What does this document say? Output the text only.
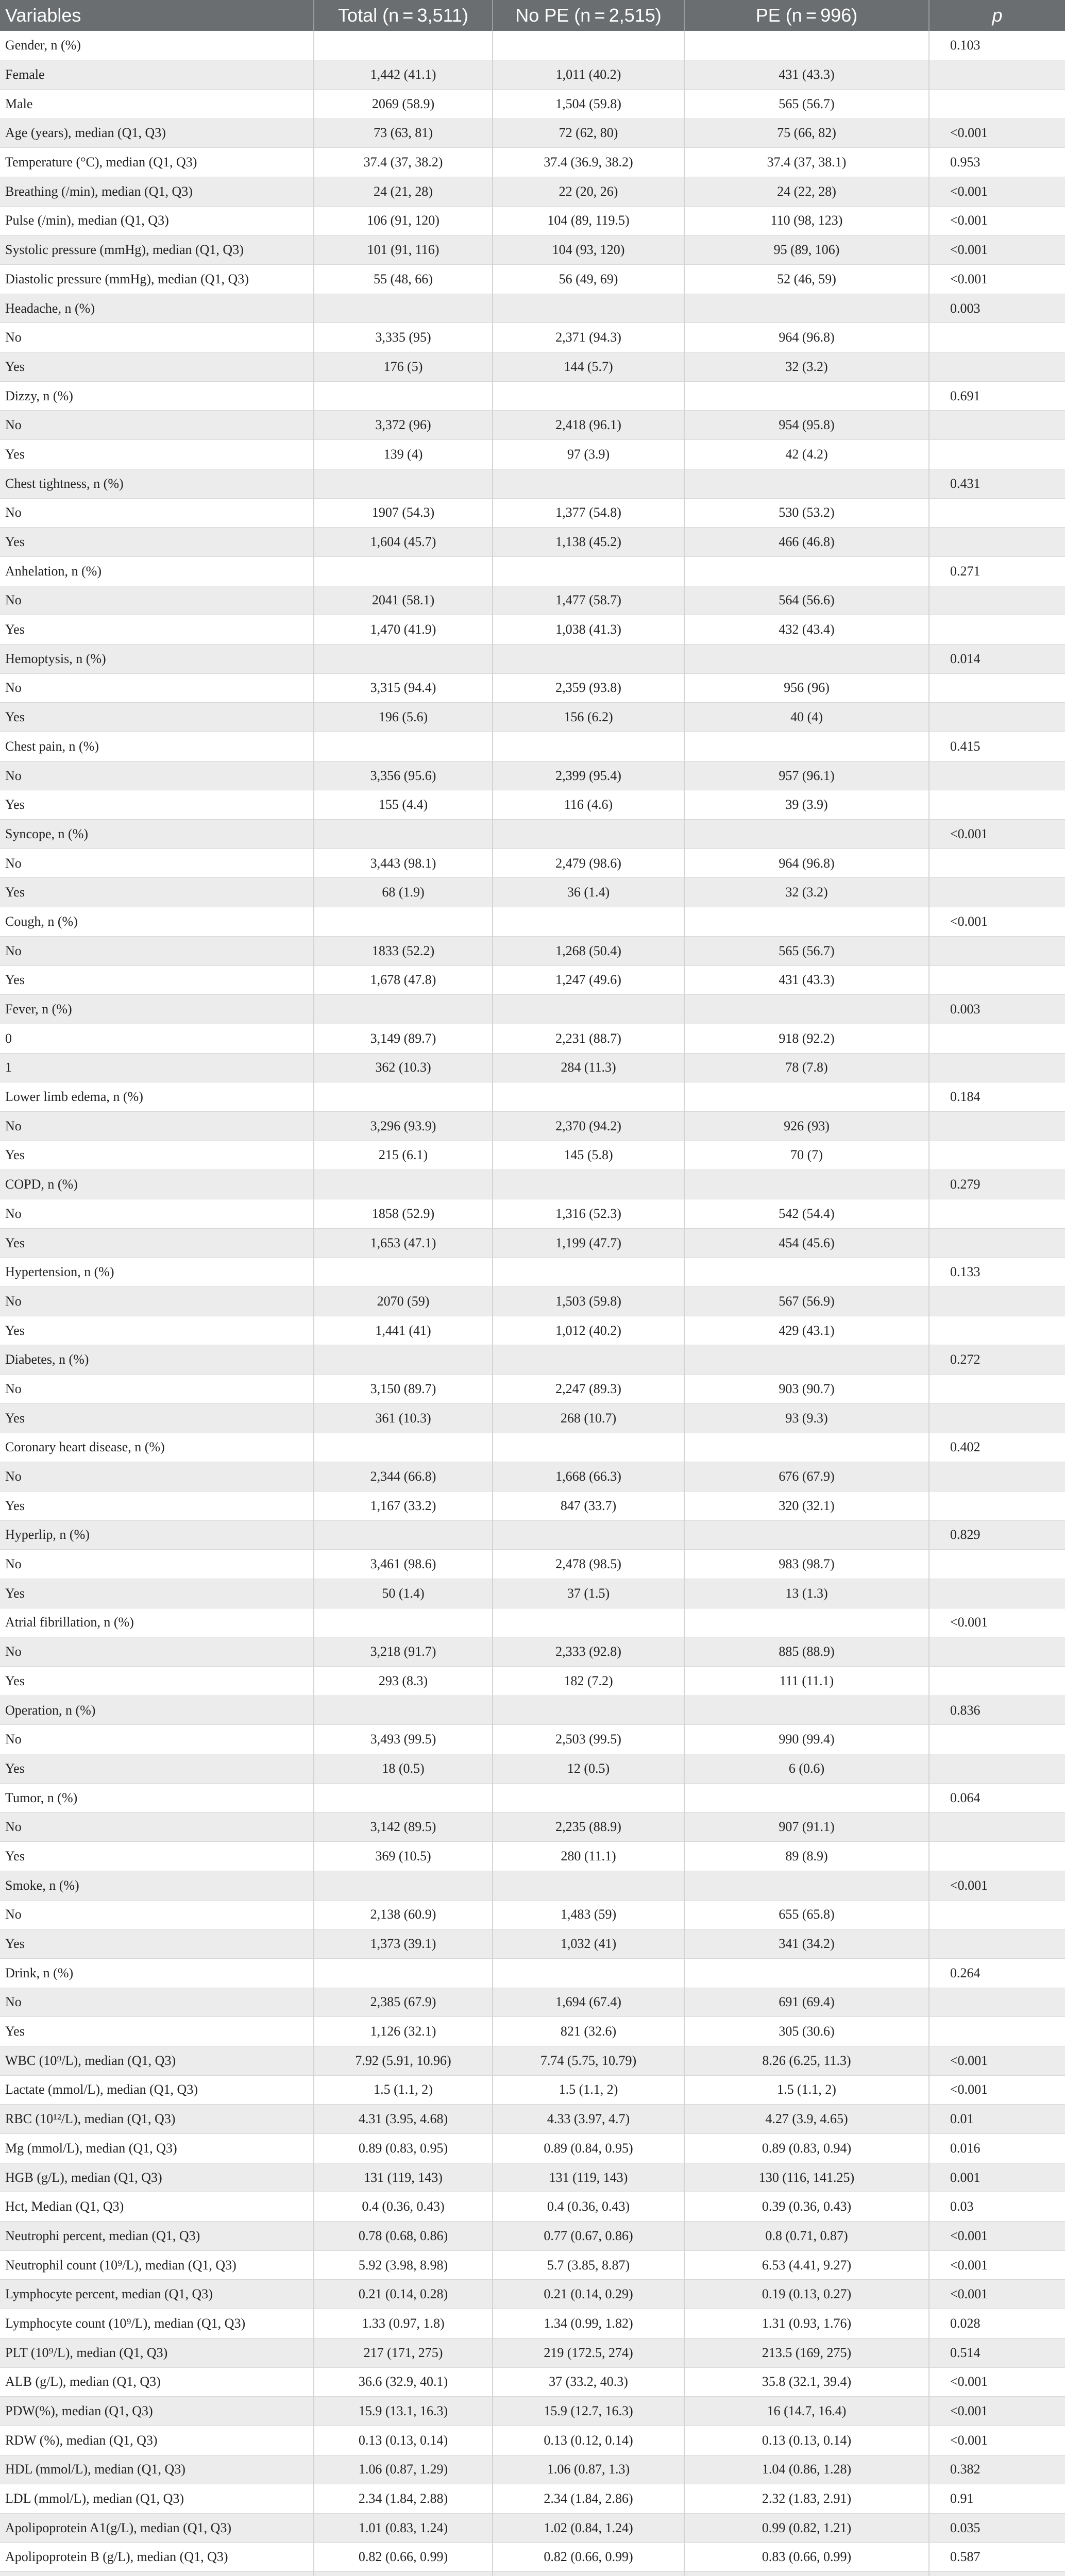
Variables	Total (n = 3,511)	No PE (n = 2,515)	PE (n = 996)	p
Gender, n (%)				0.103
Female	1,442 (41.1)	1,011 (40.2)	431 (43.3)	
Male	2069 (58.9)	1,504 (59.8)	565 (56.7)	
Age (years), median (Q1, Q3)	73 (63, 81)	72 (62, 80)	75 (66, 82)	<0.001
Temperature (°C), median (Q1, Q3)	37.4 (37, 38.2)	37.4 (36.9, 38.2)	37.4 (37, 38.1)	0.953
Breathing (/min), median (Q1, Q3)	24 (21, 28)	22 (20, 26)	24 (22, 28)	<0.001
Pulse (/min), median (Q1, Q3)	106 (91, 120)	104 (89, 119.5)	110 (98, 123)	<0.001
Systolic pressure (mmHg), median (Q1, Q3)	101 (91, 116)	104 (93, 120)	95 (89, 106)	<0.001
Diastolic pressure (mmHg), median (Q1, Q3)	55 (48, 66)	56 (49, 69)	52 (46, 59)	<0.001
Headache, n (%)				0.003
No	3,335 (95)	2,371 (94.3)	964 (96.8)	
Yes	176 (5)	144 (5.7)	32 (3.2)	
Dizzy, n (%)				0.691
No	3,372 (96)	2,418 (96.1)	954 (95.8)	
Yes	139 (4)	97 (3.9)	42 (4.2)	
Chest tightness, n (%)				0.431
No	1907 (54.3)	1,377 (54.8)	530 (53.2)	
Yes	1,604 (45.7)	1,138 (45.2)	466 (46.8)	
Anhelation, n (%)				0.271
No	2041 (58.1)	1,477 (58.7)	564 (56.6)	
Yes	1,470 (41.9)	1,038 (41.3)	432 (43.4)	
Hemoptysis, n (%)				0.014
No	3,315 (94.4)	2,359 (93.8)	956 (96)	
Yes	196 (5.6)	156 (6.2)	40 (4)	
Chest pain, n (%)				0.415
No	3,356 (95.6)	2,399 (95.4)	957 (96.1)	
Yes	155 (4.4)	116 (4.6)	39 (3.9)	
Syncope, n (%)				<0.001
No	3,443 (98.1)	2,479 (98.6)	964 (96.8)	
Yes	68 (1.9)	36 (1.4)	32 (3.2)	
Cough, n (%)				<0.001
No	1833 (52.2)	1,268 (50.4)	565 (56.7)	
Yes	1,678 (47.8)	1,247 (49.6)	431 (43.3)	
Fever, n (%)				0.003
0	3,149 (89.7)	2,231 (88.7)	918 (92.2)	
1	362 (10.3)	284 (11.3)	78 (7.8)	
Lower limb edema, n (%)				0.184
No	3,296 (93.9)	2,370 (94.2)	926 (93)	
Yes	215 (6.1)	145 (5.8)	70 (7)	
COPD, n (%)				0.279
No	1858 (52.9)	1,316 (52.3)	542 (54.4)	
Yes	1,653 (47.1)	1,199 (47.7)	454 (45.6)	
Hypertension, n (%)				0.133
No	2070 (59)	1,503 (59.8)	567 (56.9)	
Yes	1,441 (41)	1,012 (40.2)	429 (43.1)	
Diabetes, n (%)				0.272
No	3,150 (89.7)	2,247 (89.3)	903 (90.7)	
Yes	361 (10.3)	268 (10.7)	93 (9.3)	
Coronary heart disease, n (%)				0.402
No	2,344 (66.8)	1,668 (66.3)	676 (67.9)	
Yes	1,167 (33.2)	847 (33.7)	320 (32.1)	
Hyperlip, n (%)				0.829
No	3,461 (98.6)	2,478 (98.5)	983 (98.7)	
Yes	50 (1.4)	37 (1.5)	13 (1.3)	
Atrial fibrillation, n (%)				<0.001
No	3,218 (91.7)	2,333 (92.8)	885 (88.9)	
Yes	293 (8.3)	182 (7.2)	111 (11.1)	
Operation, n (%)				0.836
No	3,493 (99.5)	2,503 (99.5)	990 (99.4)	
Yes	18 (0.5)	12 (0.5)	6 (0.6)	
Tumor, n (%)				0.064
No	3,142 (89.5)	2,235 (88.9)	907 (91.1)	
Yes	369 (10.5)	280 (11.1)	89 (8.9)	
Smoke, n (%)				<0.001
No	2,138 (60.9)	1,483 (59)	655 (65.8)	
Yes	1,373 (39.1)	1,032 (41)	341 (34.2)	
Drink, n (%)				0.264
No	2,385 (67.9)	1,694 (67.4)	691 (69.4)	
Yes	1,126 (32.1)	821 (32.6)	305 (30.6)	
WBC (10⁹/L), median (Q1, Q3)	7.92 (5.91, 10.96)	7.74 (5.75, 10.79)	8.26 (6.25, 11.3)	<0.001
Lactate (mmol/L), median (Q1, Q3)	1.5 (1.1, 2)	1.5 (1.1, 2)	1.5 (1.1, 2)	<0.001
RBC (10¹²/L), median (Q1, Q3)	4.31 (3.95, 4.68)	4.33 (3.97, 4.7)	4.27 (3.9, 4.65)	0.01
Mg (mmol/L), median (Q1, Q3)	0.89 (0.83, 0.95)	0.89 (0.84, 0.95)	0.89 (0.83, 0.94)	0.016
HGB (g/L), median (Q1, Q3)	131 (119, 143)	131 (119, 143)	130 (116, 141.25)	0.001
Hct, Median (Q1, Q3)	0.4 (0.36, 0.43)	0.4 (0.36, 0.43)	0.39 (0.36, 0.43)	0.03
Neutrophi percent, median (Q1, Q3)	0.78 (0.68, 0.86)	0.77 (0.67, 0.86)	0.8 (0.71, 0.87)	<0.001
Neutrophil count (10⁹/L), median (Q1, Q3)	5.92 (3.98, 8.98)	5.7 (3.85, 8.87)	6.53 (4.41, 9.27)	<0.001
Lymphocyte percent, median (Q1, Q3)	0.21 (0.14, 0.28)	0.21 (0.14, 0.29)	0.19 (0.13, 0.27)	<0.001
Lymphocyte count (10⁹/L), median (Q1, Q3)	1.33 (0.97, 1.8)	1.34 (0.99, 1.82)	1.31 (0.93, 1.76)	0.028
PLT (10⁹/L), median (Q1, Q3)	217 (171, 275)	219 (172.5, 274)	213.5 (169, 275)	0.514
ALB (g/L), median (Q1, Q3)	36.6 (32.9, 40.1)	37 (33.2, 40.3)	35.8 (32.1, 39.4)	<0.001
PDW(%), median (Q1, Q3)	15.9 (13.1, 16.3)	15.9 (12.7, 16.3)	16 (14.7, 16.4)	<0.001
RDW (%), median (Q1, Q3)	0.13 (0.13, 0.14)	0.13 (0.12, 0.14)	0.13 (0.13, 0.14)	<0.001
HDL (mmol/L), median (Q1, Q3)	1.06 (0.87, 1.29)	1.06 (0.87, 1.3)	1.04 (0.86, 1.28)	0.382
LDL (mmol/L), median (Q1, Q3)	2.34 (1.84, 2.88)	2.34 (1.84, 2.86)	2.32 (1.83, 2.91)	0.91
Apolipoprotein A1(g/L), median (Q1, Q3)	1.01 (0.83, 1.24)	1.02 (0.84, 1.24)	0.99 (0.82, 1.21)	0.035
Apolipoprotein B (g/L), median (Q1, Q3)	0.82 (0.66, 0.99)	0.82 (0.66, 0.99)	0.83 (0.66, 0.99)	0.587
